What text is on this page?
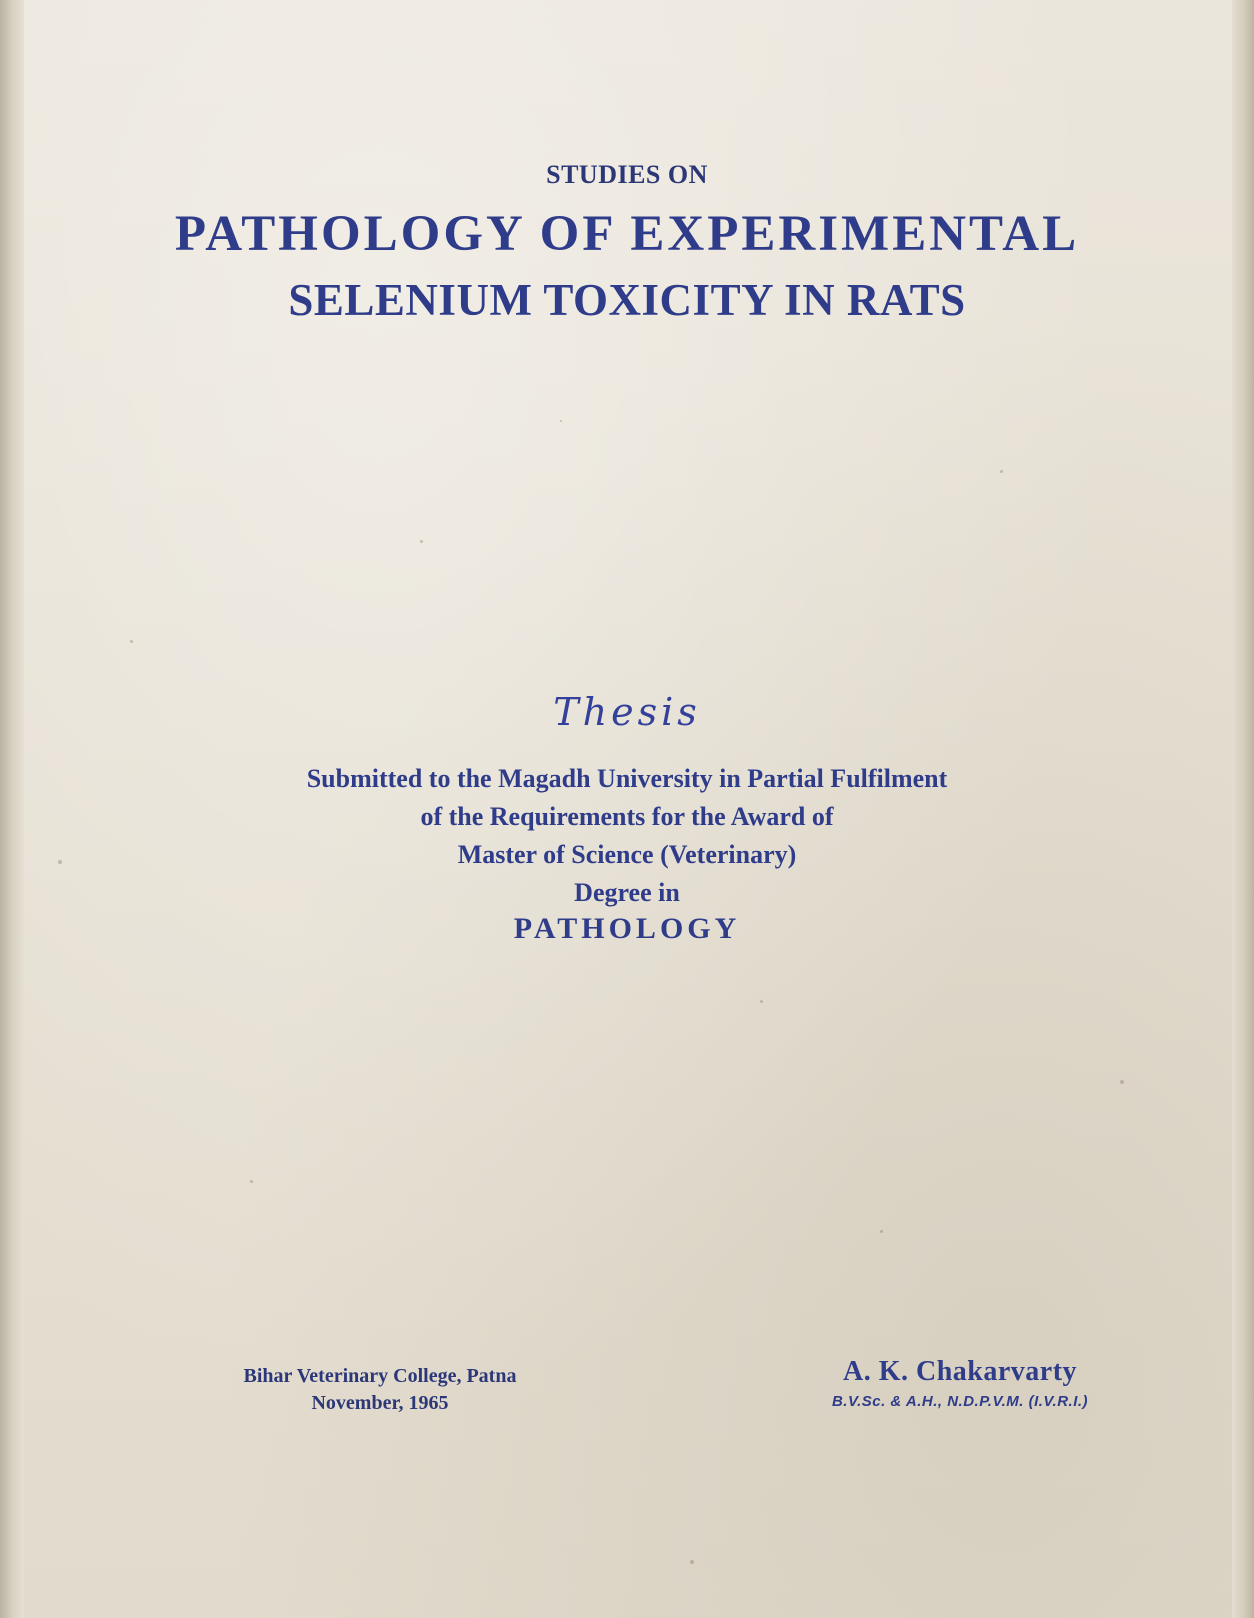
STUDIES ON
PATHOLOGY OF EXPERIMENTAL
SELENIUM TOXICITY IN RATS
Thesis
Submitted to the Magadh University in Partial Fulfilment
of the Requirements for the Award of
Master of Science (Veterinary)
Degree in
PATHOLOGY
Bihar Veterinary College, Patna
November, 1965
A. K. Chakarvarty
B.V.Sc. & A.H., N.D.P.V.M. (I.V.R.I.)
